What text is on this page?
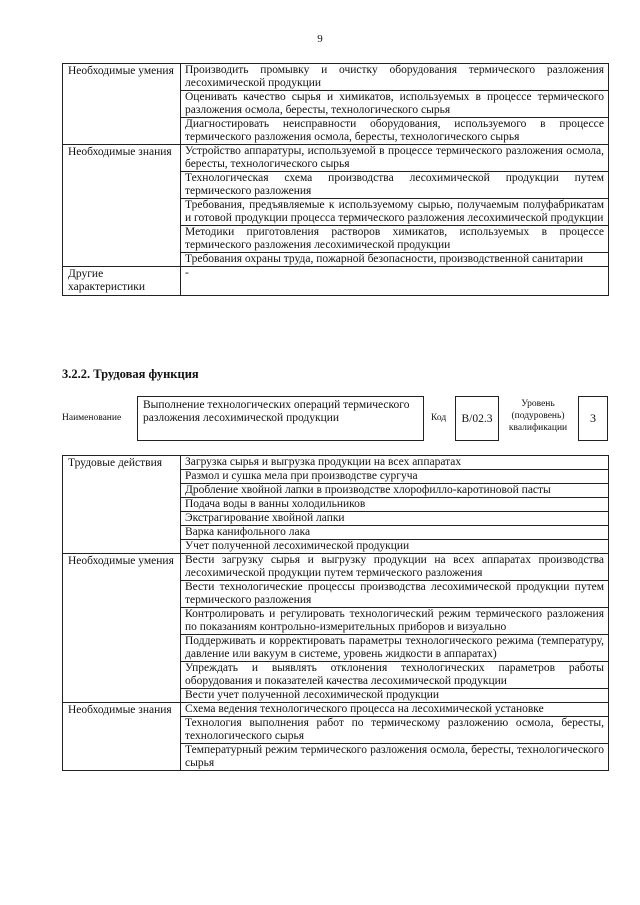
9
Необходимые умения	Производить промывку и очистку оборудования термического разложения лесохимической продукции
	Оценивать качество сырья и химикатов, используемых в процессе термического разложения осмола, бересты, технологического сырья
	Диагностировать неисправности оборудования, используемого в процессе термического разложения осмола, бересты, технологического сырья
Необходимые знания	Устройство аппаратуры, используемой в процессе термического разложения осмола, бересты, технологического сырья
	Технологическая схема производства лесохимической продукции путем термического разложения
	Требования, предъявляемые к используемому сырью, получаемым полуфабрикатам и готовой продукции процесса термического разложения лесохимической продукции
	Методики приготовления растворов химикатов, используемых в процессе термического разложения лесохимической продукции
	Требования охраны труда, пожарной безопасности, производственной санитарии
Другие характеристики	-
3.2.2. Трудовая функция
Наименование
Выполнение технологических операций термического разложения лесохимической продукции	Код	B/02.3
Уровень (подуровень) квалификации
3
Трудовые действия	Загрузка сырья и выгрузка продукции на всех аппаратах
	Размол и сушка мела при производстве сургуча
	Дробление хвойной лапки в производстве хлорофилло-каротиновой пасты
	Подача воды в ванны холодильников
	Экстрагирование хвойной лапки
	Варка канифольного лака
	Учет полученной лесохимической продукции
Необходимые умения	Вести загрузку сырья и выгрузку продукции на всех аппаратах производства лесохимической продукции путем термического разложения
	Вести технологические процессы производства лесохимической продукции путем термического разложения
	Контролировать и регулировать технологический режим термического разложения по показаниям контрольно-измерительных приборов и визуально
	Поддерживать и корректировать параметры технологического режима (температуру, давление или вакуум в системе, уровень жидкости в аппаратах)
	Упреждать и выявлять отклонения технологических параметров работы оборудования и показателей качества лесохимической продукции
	Вести учет полученной лесохимической продукции
Необходимые знания	Схема ведения технологического процесса на лесохимической установке
	Технология выполнения работ по термическому разложению осмола, бересты, технологического сырья
	Температурный режим термического разложения осмола, бересты, технологического сырья
